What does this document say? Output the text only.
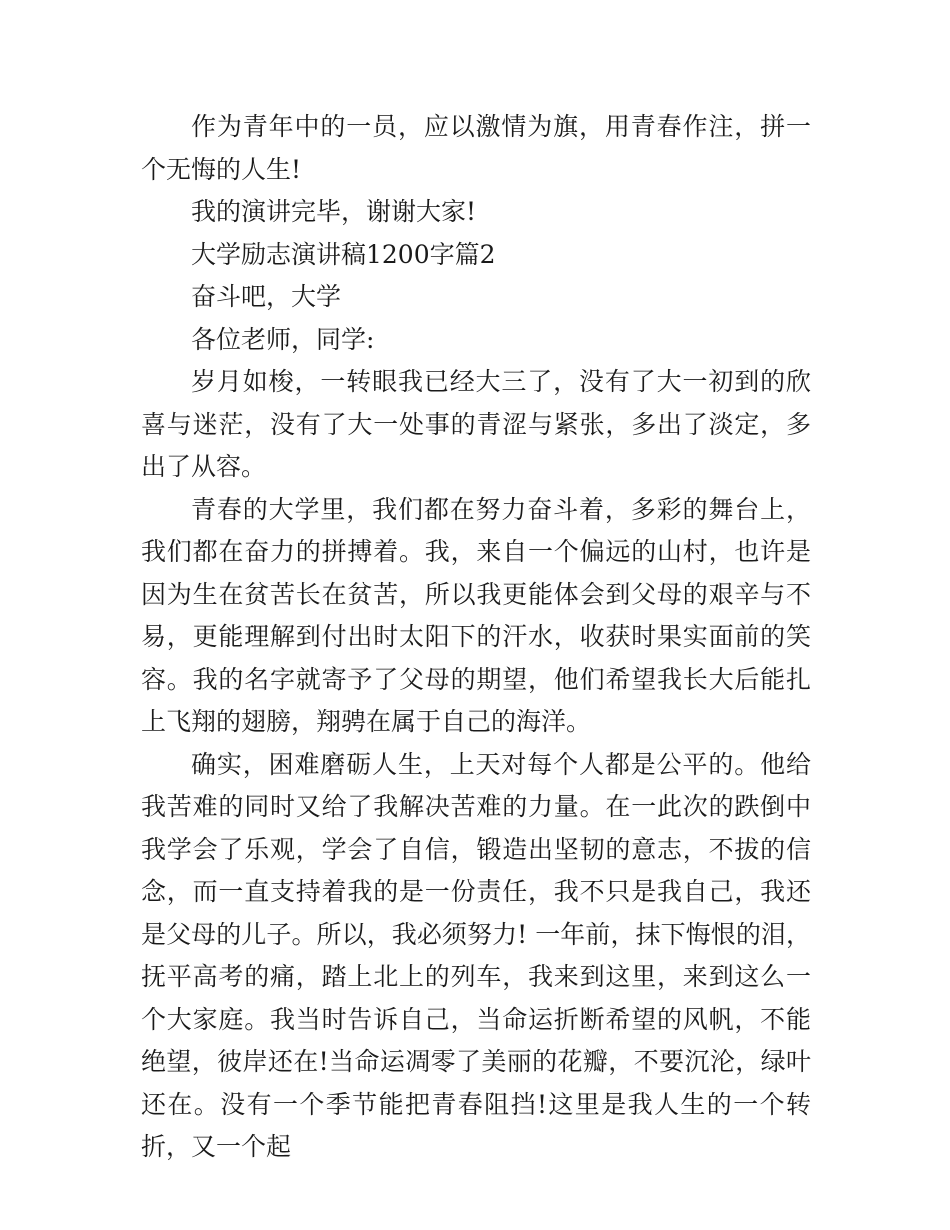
作为青年中的一员，应以激情为旗，用青春作注，拼一个无悔的人生!

我的演讲完毕，谢谢大家!

大学励志演讲稿1200字篇2

奋斗吧，大学

各位老师，同学:

岁月如梭，一转眼我已经大三了，没有了大一初到的欣喜与迷茫，没有了大一处事的青涩与紧张，多出了淡定，多出了从容。

青春的大学里，我们都在努力奋斗着，多彩的舞台上，我们都在奋力的拼搏着。我，来自一个偏远的山村，也许是因为生在贫苦长在贫苦，所以我更能体会到父母的艰辛与不易，更能理解到付出时太阳下的汗水，收获时果实面前的笑容。我的名字就寄予了父母的期望，他们希望我长大后能扎上飞翔的翅膀，翔骋在属于自己的海洋。

确实，困难磨砺人生，上天对每个人都是公平的。他给我苦难的同时又给了我解决苦难的力量。在一此次的跌倒中我学会了乐观，学会了自信，锻造出坚韧的意志，不拔的信念，而一直支持着我的是一份责任，我不只是我自己，我还是父母的儿子。所以，我必须努力! 一年前，抹下悔恨的泪，抚平高考的痛，踏上北上的列车，我来到这里，来到这么一个大家庭。我当时告诉自己，当命运折断希望的风帆，不能绝望，彼岸还在!当命运凋零了美丽的花瓣，不要沉沦，绿叶还在。没有一个季节能把青春阻挡!这里是我人生的一个转折，又一个起
